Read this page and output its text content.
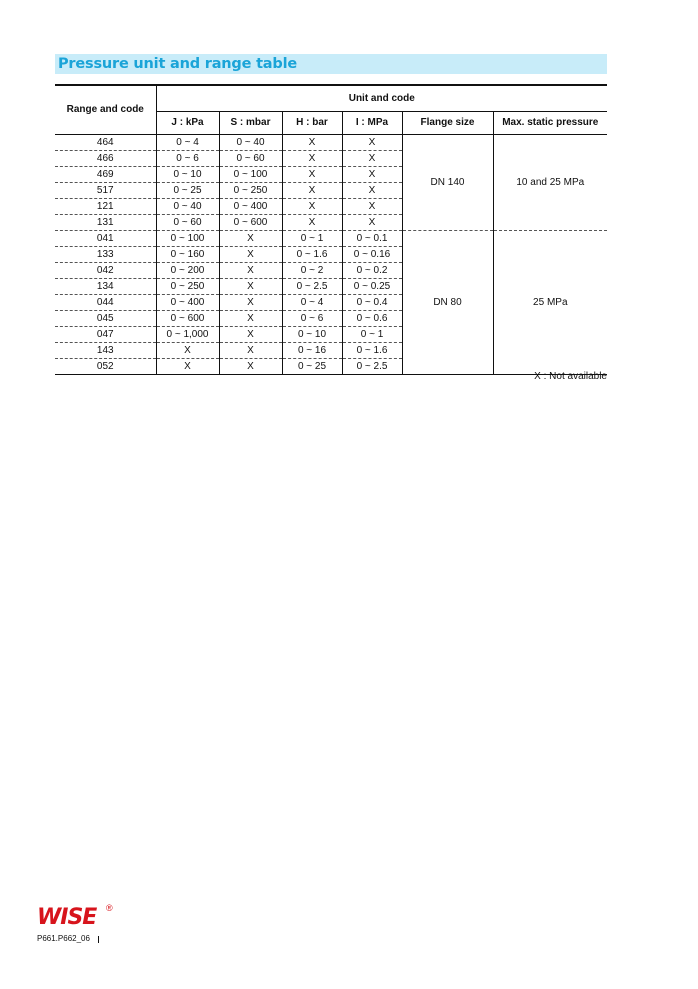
Pressure unit and range table
Range and code	Unit and code					
	J : kPa	S : mbar	H : bar	I : MPa	Flange size	Max. static pressure
464	0 ~ 4	0 ~ 40	X	X	DN 140	10 and 25 MPa
466	0 ~ 6	0 ~ 60	X	X		
469	0 ~ 10	0 ~ 100	X	X		
517	0 ~ 25	0 ~ 250	X	X		
121	0 ~ 40	0 ~ 400	X	X		
131	0 ~ 60	0 ~ 600	X	X		
041	0 ~ 100	X	0 ~ 1	0 ~ 0.1	DN 80	25 MPa
133	0 ~ 160	X	0 ~ 1.6	0 ~ 0.16		
042	0 ~ 200	X	0 ~ 2	0 ~ 0.2		
134	0 ~ 250	X	0 ~ 2.5	0 ~ 0.25		
044	0 ~ 400	X	0 ~ 4	0 ~ 0.4		
045	0 ~ 600	X	0 ~ 6	0 ~ 0.6		
047	0 ~ 1,000	X	0 ~ 10	0 ~ 1		
143	X	X	0 ~ 16	0 ~ 1.6		
052	X	X	0 ~ 25	0 ~ 2.5		
X : Not available
WISE ®
P661.P662_06
